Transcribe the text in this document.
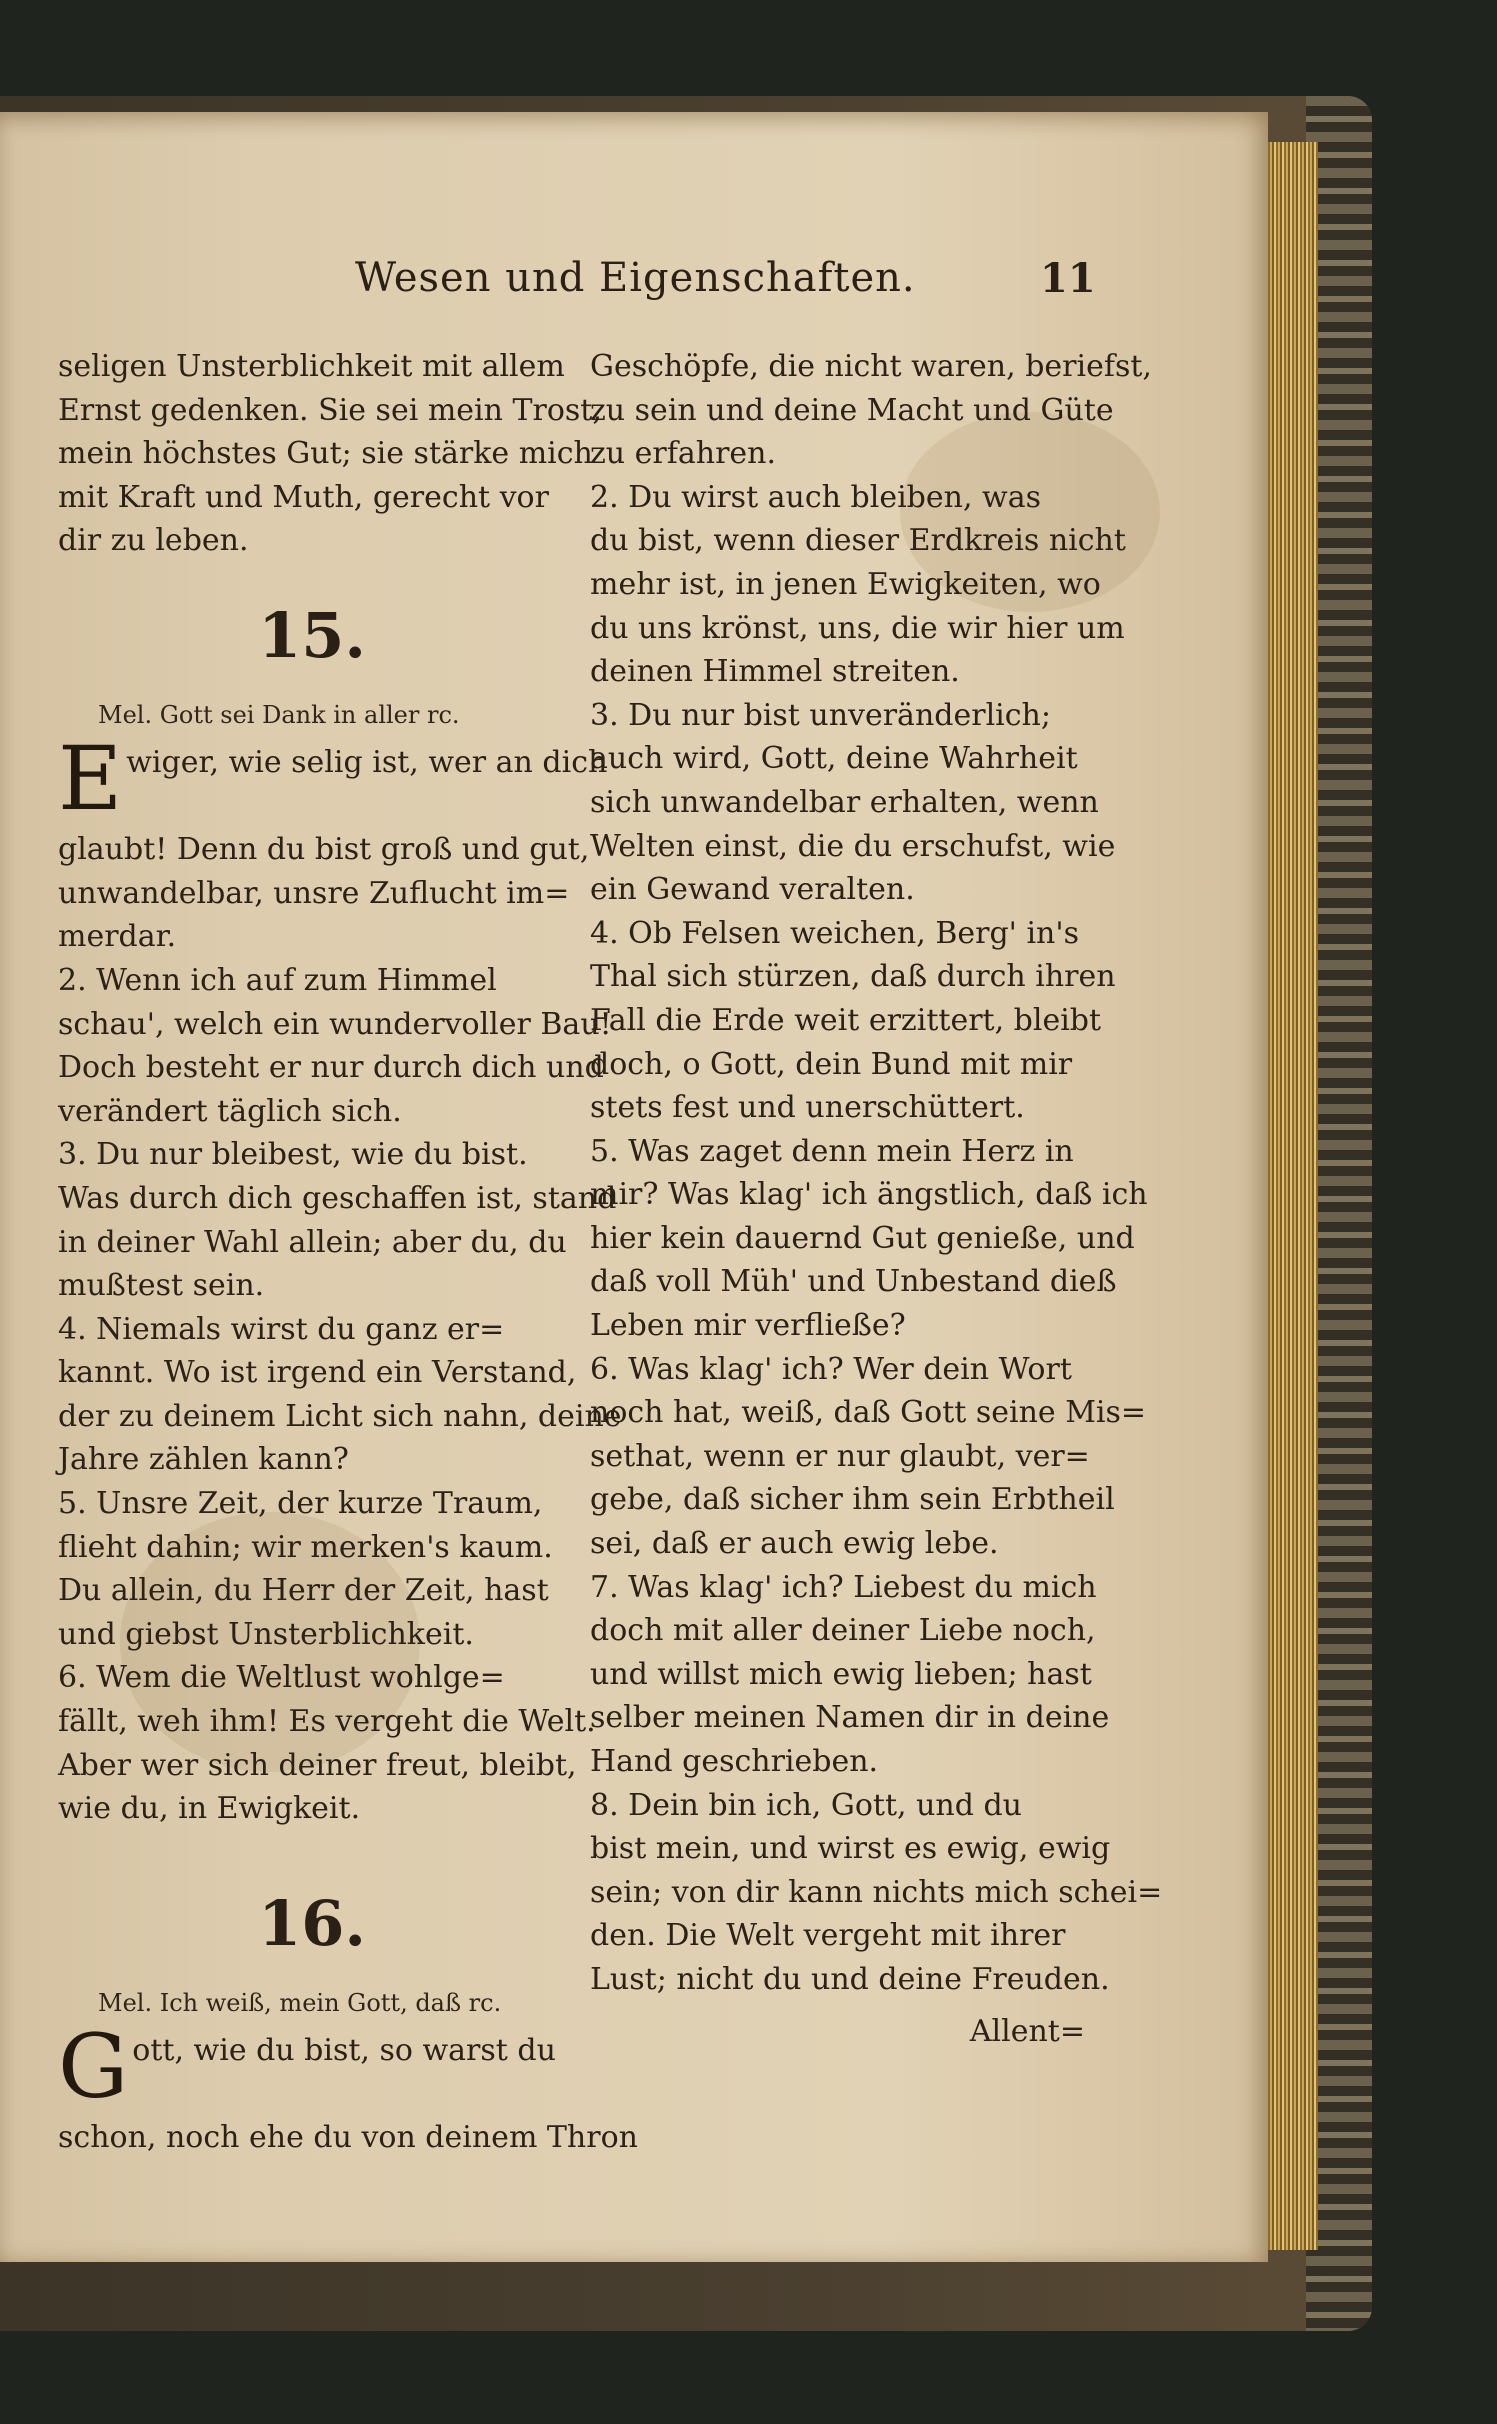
Wesen und Eigenschaften.	11
seligen Unsterblichkeit mit allem
Ernst gedenken. Sie sei mein Trost,
mein höchstes Gut; sie stärke mich
mit Kraft und Muth, gerecht vor
dir zu leben.
15.
Mel. Gott sei Dank in aller rc.
E wiger, wie selig ist, wer an dich
glaubt! Denn du bist groß und gut,
unwandelbar, unsre Zuflucht im=
merdar.
2. Wenn ich auf zum Himmel
schau', welch ein wundervoller Bau!
Doch besteht er nur durch dich und
verändert täglich sich.
3. Du nur bleibest, wie du bist.
Was durch dich geschaffen ist, stand
in deiner Wahl allein; aber du, du
mußtest sein.
4. Niemals wirst du ganz er=
kannt. Wo ist irgend ein Verstand,
der zu deinem Licht sich nahn, deine
Jahre zählen kann?
5. Unsre Zeit, der kurze Traum,
flieht dahin; wir merken's kaum.
Du allein, du Herr der Zeit, hast
und giebst Unsterblichkeit.
6. Wem die Weltlust wohlge=
fällt, weh ihm! Es vergeht die Welt.
Aber wer sich deiner freut, bleibt,
wie du, in Ewigkeit.
16.
Mel. Ich weiß, mein Gott, daß rc.
G ott, wie du bist, so warst du
schon, noch ehe du von deinem Thron
Geschöpfe, die nicht waren, beriefst,
zu sein und deine Macht und Güte
zu erfahren.
2. Du wirst auch bleiben, was
du bist, wenn dieser Erdkreis nicht
mehr ist, in jenen Ewigkeiten, wo
du uns krönst, uns, die wir hier um
deinen Himmel streiten.
3. Du nur bist unveränderlich;
auch wird, Gott, deine Wahrheit
sich unwandelbar erhalten, wenn
Welten einst, die du erschufst, wie
ein Gewand veralten.
4. Ob Felsen weichen, Berg' in's
Thal sich stürzen, daß durch ihren
Fall die Erde weit erzittert, bleibt
doch, o Gott, dein Bund mit mir
stets fest und unerschüttert.
5. Was zaget denn mein Herz in
mir? Was klag' ich ängstlich, daß ich
hier kein dauernd Gut genieße, und
daß voll Müh' und Unbestand dieß
Leben mir verfließe?
6. Was klag' ich? Wer dein Wort
noch hat, weiß, daß Gott seine Mis=
sethat, wenn er nur glaubt, ver=
gebe, daß sicher ihm sein Erbtheil
sei, daß er auch ewig lebe.
7. Was klag' ich? Liebest du mich
doch mit aller deiner Liebe noch,
und willst mich ewig lieben; hast
selber meinen Namen dir in deine
Hand geschrieben.
8. Dein bin ich, Gott, und du
bist mein, und wirst es ewig, ewig
sein; von dir kann nichts mich schei=
den. Die Welt vergeht mit ihrer
Lust; nicht du und deine Freuden.
Allent=
